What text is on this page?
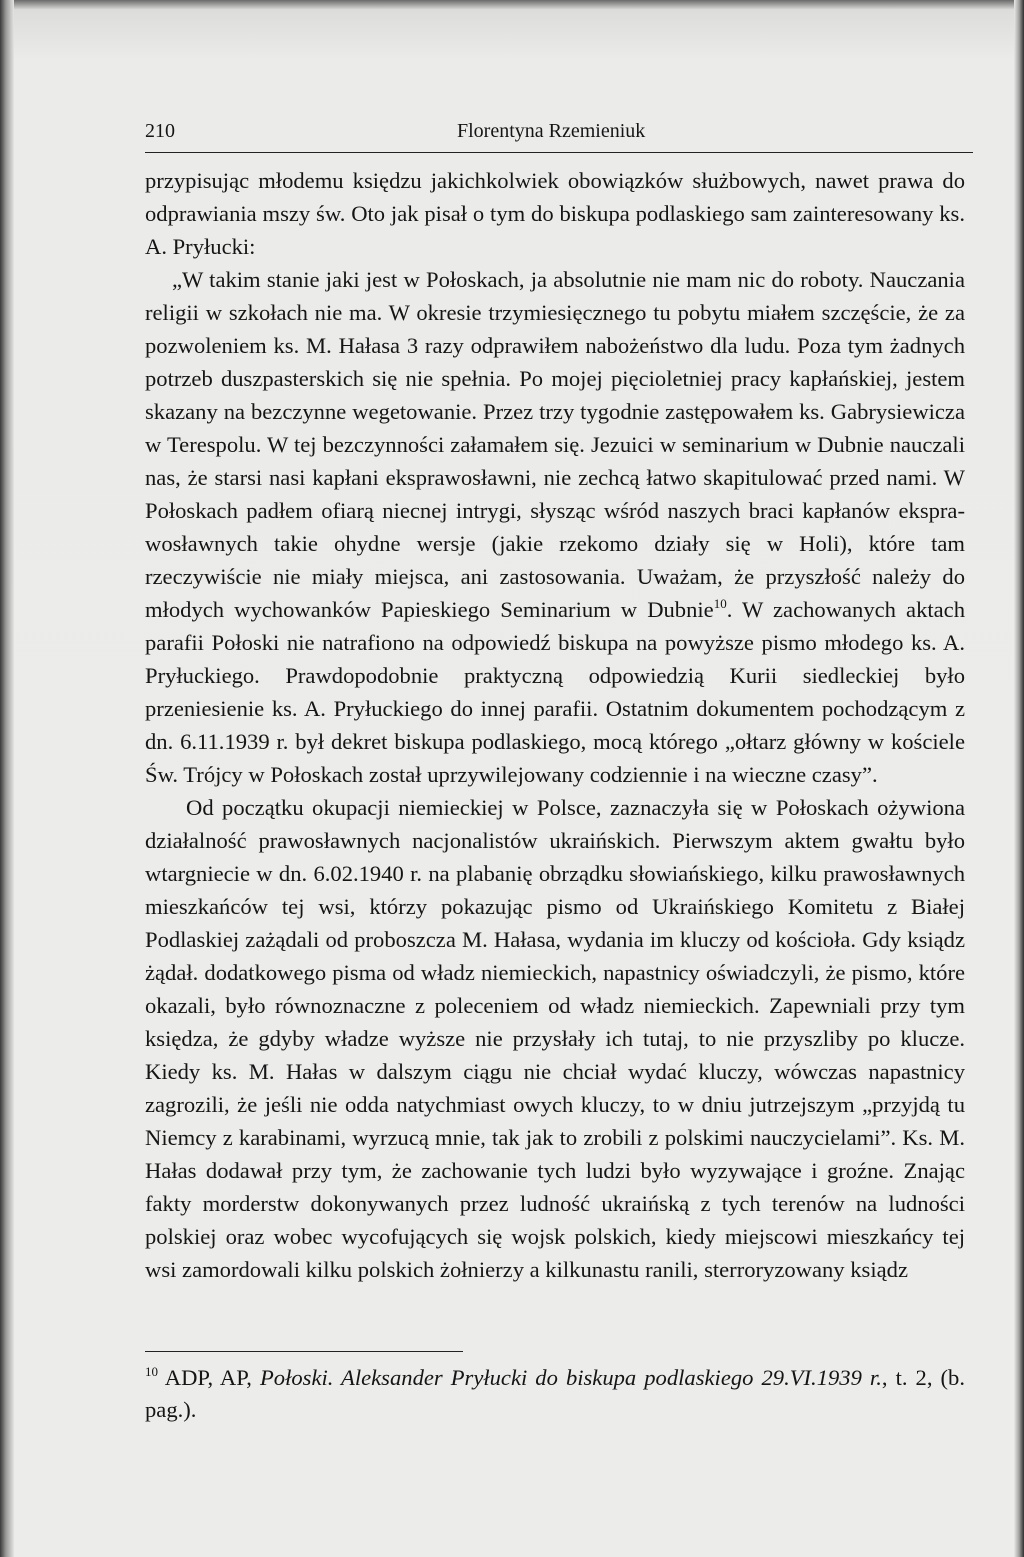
210	Florentyna Rzemieniuk

przypisując młodemu księdzu jakichkolwiek obowiązków służbowych, nawet prawa do odprawiania mszy św. Oto jak pisał o tym do biskupa podlaskiego sam zainteresowany ks. A. Pryłucki:

„W takim stanie jaki jest w Połoskach, ja absolutnie nie mam nic do roboty. Nauczania religii w szkołach nie ma. W okresie trzymiesięcznego tu pobytu miałem szczęście, że za pozwoleniem ks. M. Hałasa 3 razy odprawiłem nabożeństwo dla ludu. Poza tym żadnych potrzeb duszpasterskich się nie spełnia. Po mojej pięcioletniej pracy kapłańskiej, jestem skazany na bezczynne wegetowanie. Przez trzy tygodnie zastępowałem ks. Gabrysiewicza w Terespolu. W tej bezczynności załamałem się. Jezuici w seminarium w Dubnie nauczali nas, że starsi nasi kapłani eksprawosławni, nie zechcą łatwo skapitulować przed nami. W Połoskach padłem ofiarą niecnej intrygi, słysząc wśród naszych braci kapłanów eksprawosławnych takie ohydne wersje (jakie rzekomo działy się w Holi), które tam rzeczywiście nie miały miejsca, ani zastosowania. Uważam, że przyszłość należy do młodych wychowanków Papieskiego Seminarium w Dubnie$^{10}$. W zachowanych aktach parafii Połoski nie natrafiono na odpowiedź biskupa na powyższe pismo młodego ks. A. Pryłuckiego. Prawdopodobnie praktyczną odpowiedzią Kurii siedleckiej było przeniesienie ks. A. Pryłuckiego do innej parafii. Ostatnim dokumentem pochodzącym z dn. 6.11.1939 r. był dekret biskupa podlaskiego, mocą którego „ołtarz główny w kościele Św. Trójcy w Połoskach został uprzywilejowany codziennie i na wieczne czasy”.

Od początku okupacji niemieckiej w Polsce, zaznaczyła się w Połoskach ożywiona działalność prawosławnych nacjonalistów ukraińskich. Pierwszym aktem gwałtu było wtargniecie w dn. 6.02.1940 r. na plabanię obrządku słowiańskiego, kilku prawosławnych mieszkańców tej wsi, którzy pokazując pismo od Ukraińskiego Komitetu z Białej Podlaskiej zażądali od proboszcza M. Hałasa, wydania im kluczy od kościoła. Gdy ksiądz żądał. dodatkowego pisma od władz niemieckich, napastnicy oświadczyli, że pismo, które okazali, było równoznaczne z poleceniem od władz niemieckich. Zapewniali przy tym księdza, że gdyby władze wyższe nie przysłały ich tutaj, to nie przyszliby po klucze. Kiedy ks. M. Hałas w dalszym ciągu nie chciał wydać kluczy, wówczas napastnicy zagrozili, że jeśli nie odda natychmiast owych kluczy, to w dniu jutrzejszym „przyjdą tu Niemcy z karabinami, wyrzucą mnie, tak jak to zrobili z polskimi nauczycielami”. Ks. M. Hałas dodawał przy tym, że zachowanie tych ludzi było wyzywające i groźne. Znając fakty morderstw dokonywanych przez ludność ukraińską z tych terenów na ludności polskiej oraz wobec wycofujących się wojsk polskich, kiedy miejscowi mieszkańcy tej wsi zamordowali kilku polskich żołnierzy a kilkunastu ranili, sterroryzowany ksiądz

$^{10}$ ADP, AP, Połoski. Aleksander Pryłucki do biskupa podlaskiego 29.VI.1939 r., t. 2, (b. pag.).
